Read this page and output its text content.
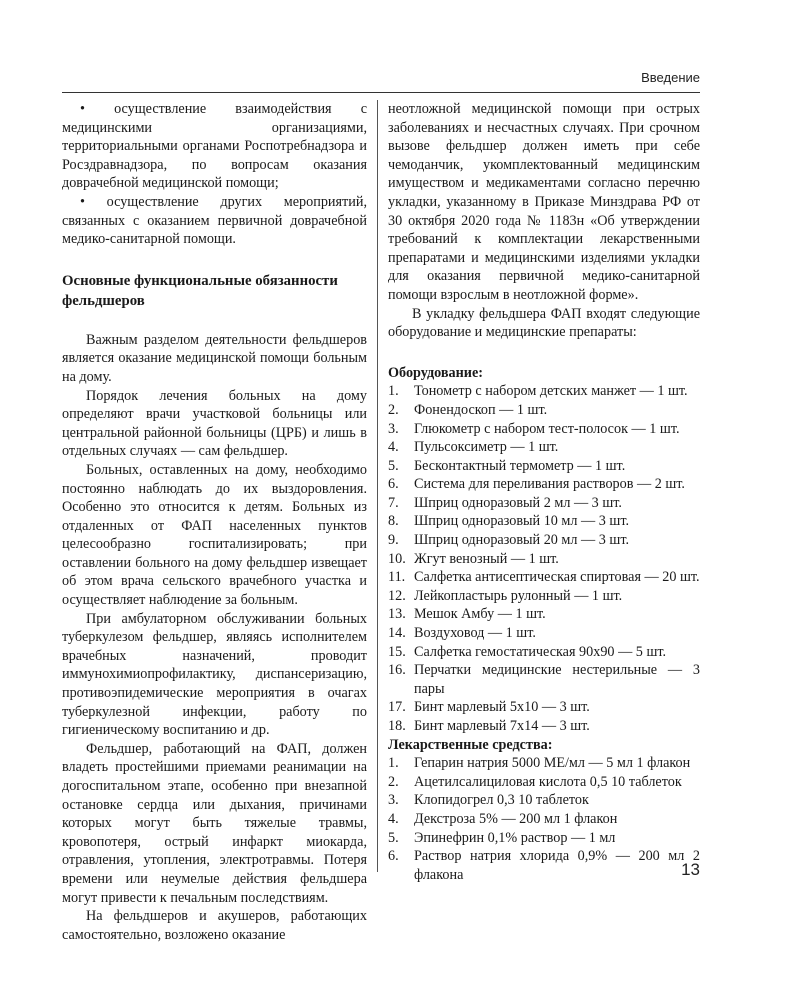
Введение

• осуществление взаимодействия с медицинскими организациями, территориальными органами Роспотребнадзора и Росздравнадзора, по вопросам оказания доврачебной медицинской помощи;

• осуществление других мероприятий, связанных с оказанием первичной доврачебной медико-санитарной помощи.

Основные функциональные обязанности фельдшеров

Важным разделом деятельности фельдшеров является оказание медицинской помощи больным на дому.

Порядок лечения больных на дому определяют врачи участковой больницы или центральной районной больницы (ЦРБ) и лишь в отдельных случаях — сам фельдшер.

Больных, оставленных на дому, необходимо постоянно наблюдать до их выздоровления. Особенно это относится к детям. Больных из отдаленных от ФАП населенных пунктов целесообразно госпитализировать; при оставлении больного на дому фельдшер извещает об этом врача сельского врачебного участка и осуществляет наблюдение за больным.

При амбулаторном обслуживании больных туберкулезом фельдшер, являясь исполнителем врачебных назначений, проводит иммунохимиопрофилактику, диспансеризацию, противоэпидемические мероприятия в очагах туберкулезной инфекции, работу по гигиеническому воспитанию и др.

Фельдшер, работающий на ФАП, должен владеть простейшими приемами реанимации на догоспитальном этапе, особенно при внезапной остановке сердца или дыхания, причинами которых могут быть тяжелые травмы, кровопотеря, острый инфаркт миокарда, отравления, утопления, электротравмы. Потеря времени или неумелые действия фельдшера могут привести к печальным последствиям.

На фельдшеров и акушеров, работающих самостоятельно, возложено оказание

неотложной медицинской помощи при острых заболеваниях и несчастных случаях. При срочном вызове фельдшер должен иметь при себе чемоданчик, укомплектованный медицинским имуществом и медикаментами согласно перечню укладки, указанному в Приказе Минздрава РФ от 30 октября 2020 года № 1183н «Об утверждении требований к комплектации лекарственными препаратами и медицинскими изделиями укладки для оказания первичной медико-санитарной помощи взрослым в неотложной форме».

В укладку фельдшера ФАП входят следующие оборудование и медицинские препараты:

Оборудование:

1. Тонометр с набором детских манжет — 1 шт.
2. Фонендоскоп — 1 шт.
3. Глюкометр с набором тест-полосок — 1 шт.
4. Пульсоксиметр — 1 шт.
5. Бесконтактный термометр — 1 шт.
6. Система для переливания растворов — 2 шт.
7. Шприц одноразовый 2 мл — 3 шт.
8. Шприц одноразовый 10 мл — 3 шт.
9. Шприц одноразовый 20 мл — 3 шт.
10. Жгут венозный — 1 шт.
11. Салфетка антисептическая спиртовая — 20 шт.
12. Лейкопластырь рулонный — 1 шт.
13. Мешок Амбу — 1 шт.
14. Воздуховод — 1 шт.
15. Салфетка гемостатическая 90х90 — 5 шт.
16. Перчатки медицинские нестерильные — 3 пары
17. Бинт марлевый 5х10 — 3 шт.
18. Бинт марлевый 7х14 — 3 шт.

Лекарственные средства:

1. Гепарин натрия 5000 МЕ/мл — 5 мл 1 флакон
2. Ацетилсалициловая кислота 0,5 10 таблеток
3. Клопидогрел 0,3 10 таблеток
4. Декстроза 5% — 200 мл 1 флакон
5. Эпинефрин 0,1% раствор — 1 мл
6. Раствор натрия хлорида 0,9% — 200 мл 2 флакона	13
